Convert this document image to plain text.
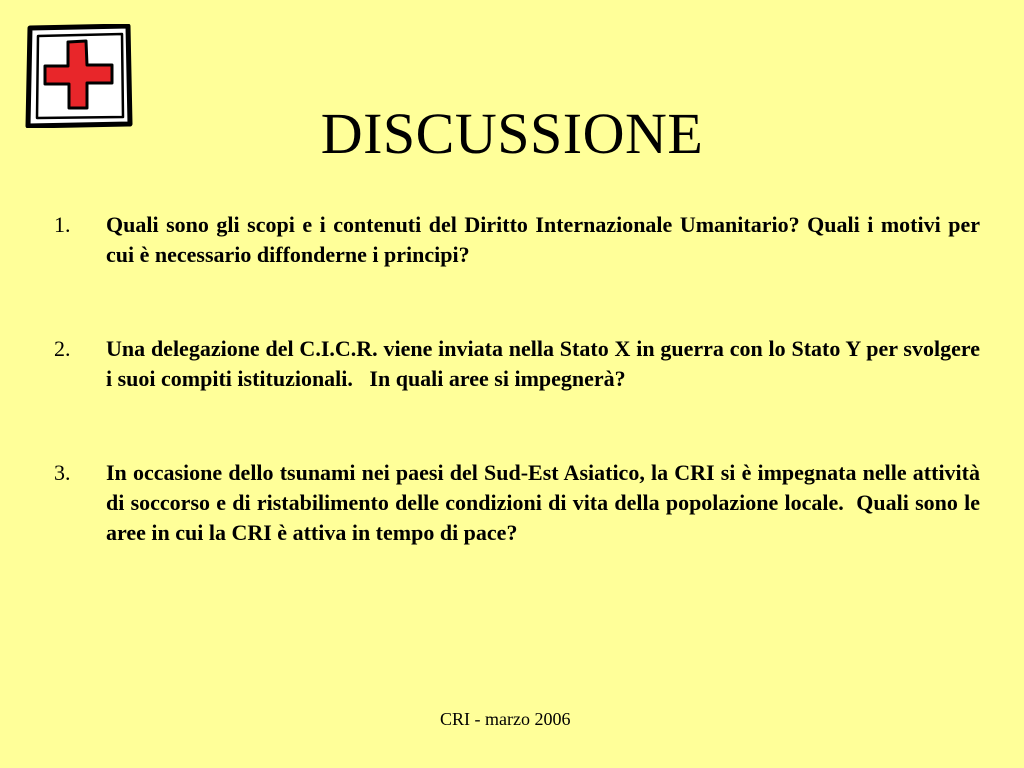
DISCUSSIONE
1. Quali sono gli scopi e i contenuti del Diritto Internazionale Umanitario? Quali i motivi per cui è necessario diffonderne i principi?
2. Una delegazione del C.I.C.R. viene inviata nella Stato X in guerra con lo Stato Y per svolgere i suoi compiti istituzionali.   In quali aree si impegnerà?
3. In occasione dello tsunami nei paesi del Sud-Est Asiatico, la CRI si è impegnata nelle attività di soccorso e di ristabilimento delle condizioni di vita della popolazione locale.  Quali sono le aree in cui la CRI è attiva in tempo di pace?
CRI - marzo 2006
